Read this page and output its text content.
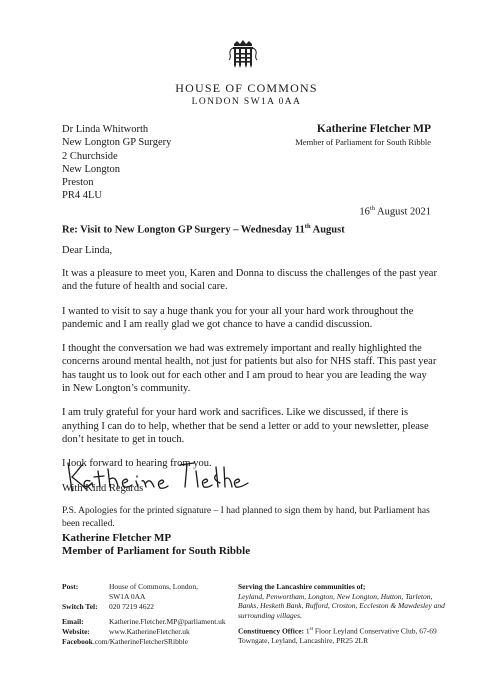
HOUSE OF COMMONS
LONDON SW1A 0AA
Dr Linda Whitworth
New Longton GP Surgery
2 Churchside
New Longton
Preston
PR4 4LU
Katherine Fletcher MP
Member of Parliament for South Ribble
16th August 2021
Re: Visit to New Longton GP Surgery – Wednesday 11th August
Dear Linda,

It was a pleasure to meet you, Karen and Donna to discuss the challenges of the past year and the future of health and social care.

I wanted to visit to say a huge thank you for your all your hard work throughout the pandemic and I am really glad we got chance to have a candid discussion.

I thought the conversation we had was extremely important and really highlighted the concerns around mental health, not just for patients but also for NHS staff. This past year has taught us to look out for each other and I am proud to hear you are leading the way in New Longton’s community.

I am truly grateful for your hard work and sacrifices. Like we discussed, if there is anything I can do to help, whether that be send a letter or add to your newsletter, please don’t hesitate to get in touch.

I look forward to hearing from you.

With Kind Regards

P.S. Apologies for the printed signature – I had planned to sign them by hand, but Parliament has been recalled.
Katherine Fletcher MP
Member of Parliament for South Ribble
Post:	House of Commons, London,
SW1A 0AA

Switch Tel:	020 7219 4622

Email:	Katherine.Fletcher.MP@parliament.uk
Website:	www.KatherineFletcher.uk
Facebook.com/KatherineFletcherSRibble
Serving the Lancashire communities of;
Leyland, Penwortham, Longton, New Longton, Hutton, Tarleton, Banks, Hesketh Bank, Rufford, Croston, Eccleston & Mawdesley and surrounding villages.
Constituency Office: 1st Floor Leyland Conservative Club, 67-69 Towngate, Leyland, Lancashire, PR25 2LR
